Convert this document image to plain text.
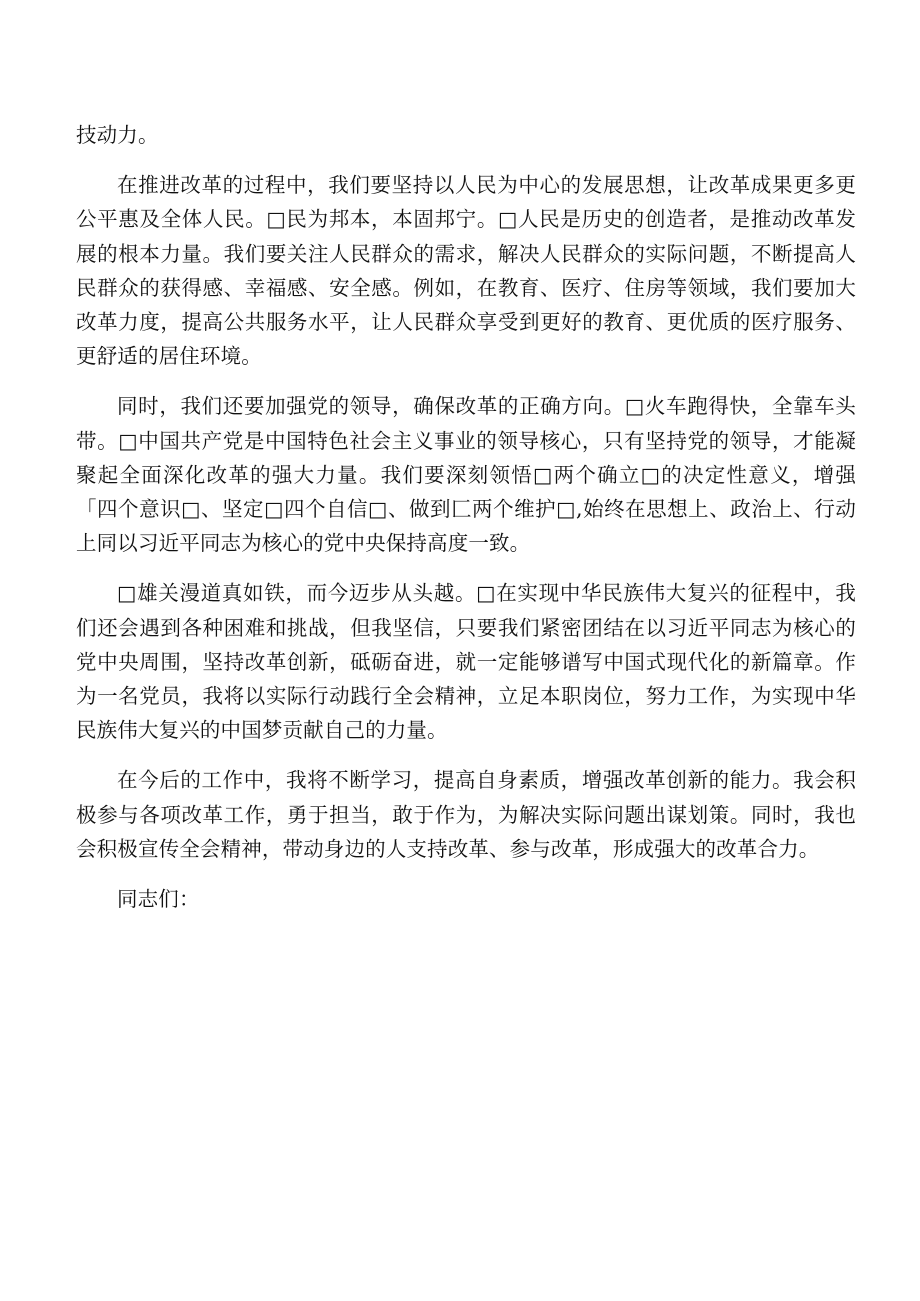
技动力。

在推进改革的过程中，我们要坚持以人民为中心的发展思想，让改革成果更多更公平惠及全体人民。□民为邦本，本固邦宁。□人民是历史的创造者，是推动改革发展的根本力量。我们要关注人民群众的需求，解决人民群众的实际问题，不断提高人民群众的获得感、幸福感、安全感。例如，在教育、医疗、住房等领域，我们要加大改革力度，提高公共服务水平，让人民群众享受到更好的教育、更优质的医疗服务、更舒适的居住环境。

同时，我们还要加强党的领导，确保改革的正确方向。□火车跑得快，全靠车头带。□中国共产党是中国特色社会主义事业的领导核心，只有坚持党的领导，才能凝聚起全面深化改革的强大力量。我们要深刻领悟□两个确立□的决定性意义，增强「四个意识□、坚定□四个自信□、做到匚两个维护□,始终在思想上、政治上、行动上同以习近平同志为核心的党中央保持高度一致。

□雄关漫道真如铁，而今迈步从头越。□在实现中华民族伟大复兴的征程中，我们还会遇到各种困难和挑战，但我坚信，只要我们紧密团结在以习近平同志为核心的党中央周围，坚持改革创新，砥砺奋进，就一定能够谱写中国式现代化的新篇章。作为一名党员，我将以实际行动践行全会精神，立足本职岗位，努力工作，为实现中华民族伟大复兴的中国梦贡献自己的力量。

在今后的工作中，我将不断学习，提高自身素质，增强改革创新的能力。我会积极参与各项改革工作，勇于担当，敢于作为，为解决实际问题出谋划策。同时，我也会积极宣传全会精神，带动身边的人支持改革、参与改革，形成强大的改革合力。

同志们：
